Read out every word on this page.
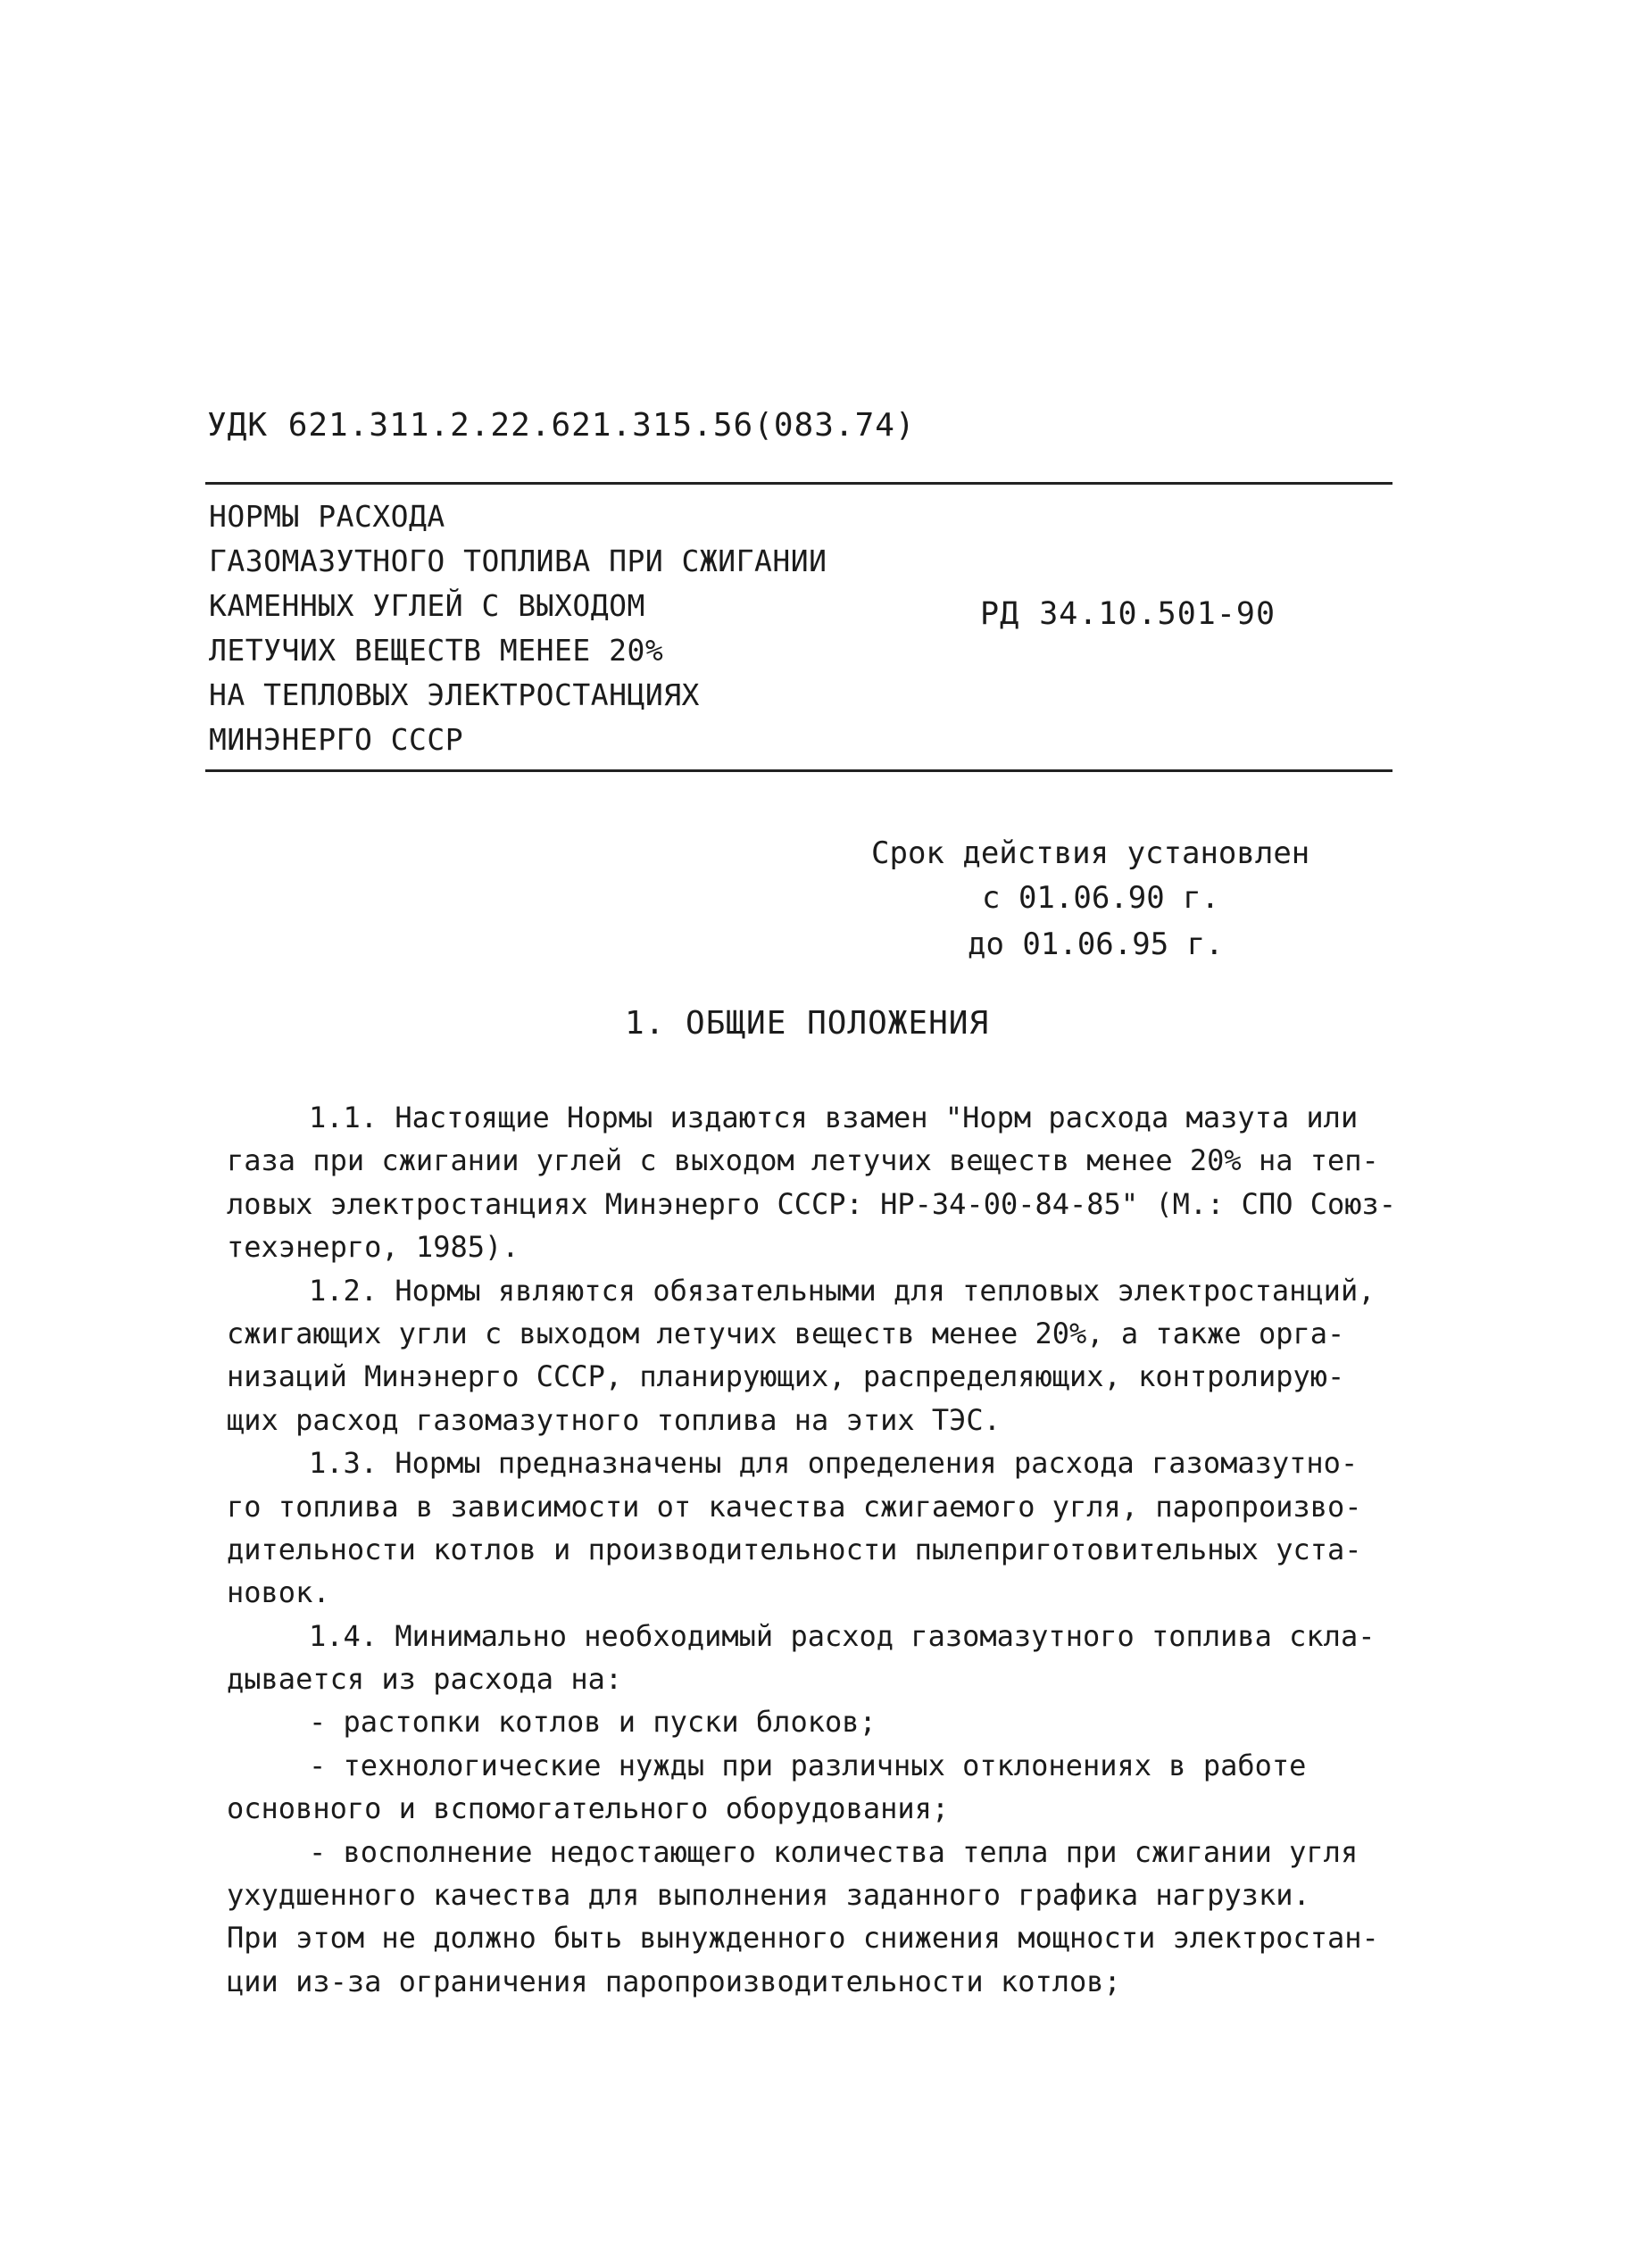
УДК 621.311.2.22.621.315.56(083.74)
НОРМЫ РАСХОДА
ГАЗОМАЗУТНОГО ТОПЛИВА ПРИ СЖИГАНИИ
КАМЕННЫХ УГЛЕЙ С ВЫХОДОМ
ЛЕТУЧИХ ВЕЩЕСТВ МЕНЕЕ 20%
НА ТЕПЛОВЫХ ЭЛЕКТРОСТАНЦИЯХ
МИНЭНЕРГО СССР
РД 34.10.501-90
Срок действия установлен
с 01.06.90 г.
до 01.06.95 г.
1. ОБЩИЕ ПОЛОЖЕНИЯ
1.1. Настоящие Нормы издаются взамен "Норм расхода мазута или
газа при сжигании углей с выходом летучих веществ менее 20% на теп-
ловых электростанциях Минэнерго СССР: НР-34-00-84-85" (М.: СПО Союз-
техэнерго, 1985).
1.2. Нормы являются обязательными для тепловых электростанций,
сжигающих угли с выходом летучих веществ менее 20%, а также орга-
низаций Минэнерго СССР, планирующих, распределяющих, контролирую-
щих расход газомазутного топлива на этих ТЭС.
1.3. Нормы предназначены для определения расхода газомазутно-
го топлива в зависимости от качества сжигаемого угля, паропроизво-
дительности котлов и производительности пылеприготовительных уста-
новок.
1.4. Минимально необходимый расход газомазутного топлива скла-
дывается из расхода на:
- растопки котлов и пуски блоков;
- технологические нужды при различных отклонениях в работе
основного и вспомогательного оборудования;
- восполнение недостающего количества тепла при сжигании угля
ухудшенного качества для выполнения заданного графика нагрузки.
При этом не должно быть вынужденного снижения мощности электростан-
ции из-за ограничения паропроизводительности котлов;
